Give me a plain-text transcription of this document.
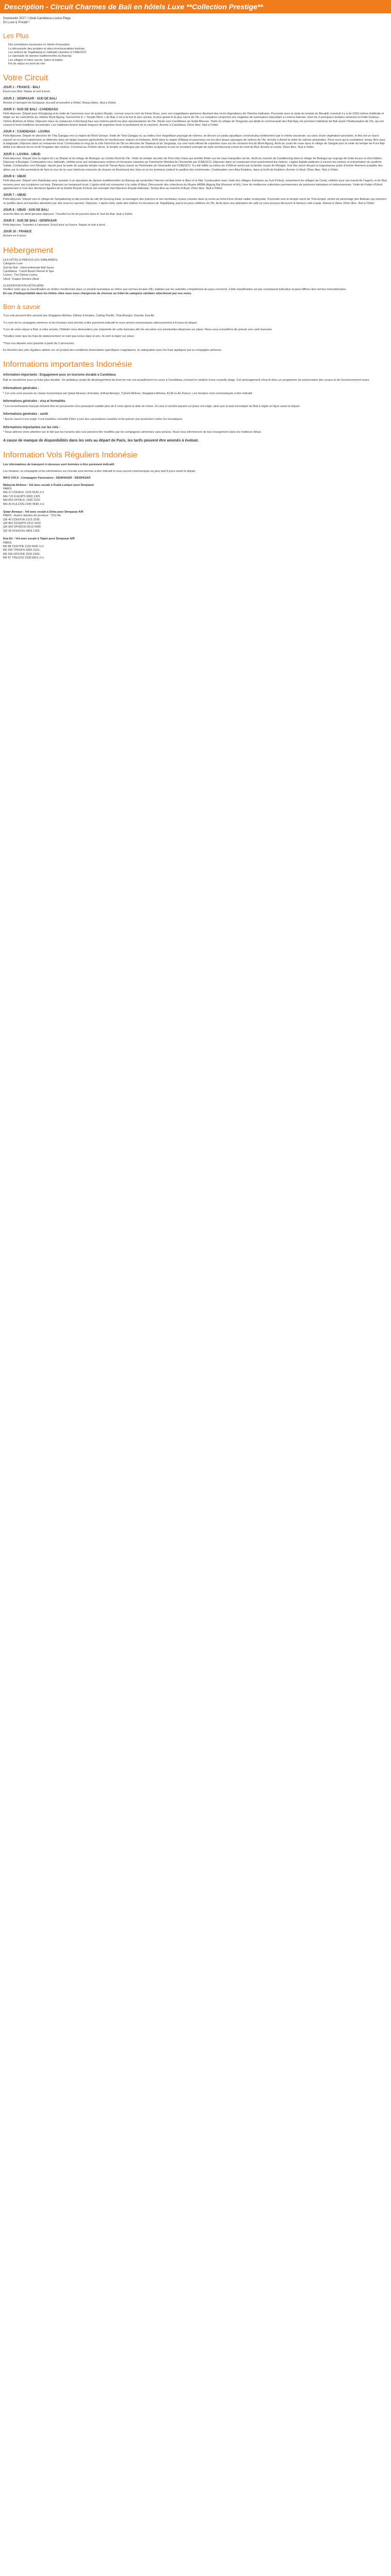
Description - Circuit Charmes de Bali en hôtels Luxe **Collection Prestige**
Nouveauté 2027 ! Ubud-Candidasa-Lovina-Plage
En Luxe & Privatif !
Les Plus
Des prestations luxueuses en hôtels d'exception
La découverte des temples et sites incontournables balinais
Les rizières de Tegallalang et Jatiluwih classées à l'UNESCO
Le spectacle de danses traditionnelles du Barong
Les villages et sites sacrés, bains et palais
Fin de séjour en bord de mer
Votre Circuit
JOUR 1 : FRANCE - BALI
Envol vers Bali. Repas et nuit à bord.
JOUR 2 : DENPASAR - SUD DE BALI
Arrivée à l'aéroport de Denpasar. Accueil et transfert à l'hôtel. Repas libres. Nuit à l'hôtel.
JOUR 3 : SUD DE BALI - CANDIDASA
Petit-déjeuner. Départ pour Klungkung et la visite de l'ancienne cour de justice Royale, connue sous le nom de Kerta Gosa, avec ses magnifiques peintures illustrant des récits légendaires de l'histoire balinaise. Poursuite avec la visite du temple de Besakih construit il y a de 1000 mètres d'altitude et édigé sur les contreforts du célèbre Mont Agung. Surnommé le « Temple Mère » de Bali, il est à la fois le plus ancien, le plus grand et la plus sacré de l'île. Le complexe comprend une vingtaine de sanctuaires répondant à cosmos balinais, dont les 3 principaux temples vénèrent la trinité hindoue : Vishnu Brahma et Shiva. Déjeuner dans un restaurant à Rendang face aux rizières parmi les plus spectaculaires de l'île. Route vers Candidasa via Selat-Muncan. Visite du village de Tenganan qui abrite la communauté des Bali Aga, les premiers habitants de Bali avant l'hindouisation de l'île, qui ont conservé leurs traditions ancestrales. Les habitants tissent depuis toujours de superbes tissé et produisent de la vannerie. Arrivée à Candidasa. Dîner libre. Nuit à l'hôtel.
JOUR 4 : CANDIDASA - LOVINA
Petit-déjeuner. Départ en direction de Tirta Gangga vers la région de Mont Seraya. Visite de Tirta Gangga où, au milieu d'un magnifique paysage de rizières, se dresse un palais aquatique construit plus tardivement par le même souverain; au cœur d'une végétation luxuriante, le lieu est un havre naturel où on peut notamment se détendre dans de larges bassins agrémentés de nombreuses statues et fontaines. Arrêt dans la région d'Abang et panorama sur les plus beaux paysages de rizières de l'île. Arrivée à Amed et visite de salines artisanales. Pose sous qui le souhaitent, temps libre pour la baignade. Déjeuner dans un restaurant local. Continuation le long de la côte Nord-Est de l'île en direction de Tejakula et de Singaraja, sur une route offrant de superbes vues sur les versants Est du Mont Agung. Arrêt en cours de route dans le village de Sangsit pour la visite du temple de Pura Beji dédié à la déesse du riz et de l'irrigation des rizières. Construit au XVème siècle, le temple se distingue par ses belles sculptures et est un excellent exemple du style architectural coloré du nord de Bali. Arrivée à Lovina. Dîner libre. Nuit à l'hôtel.
JOUR 5 : LOVINA - UBUD
Petit-déjeuner. Départ vers la région du Lac Bratan et du village de Bedugul, au Centre Nord de l'île. Visite du temple lacustre de Pura Ulun Danu qui semble flotter sur les eaux tranquilles du lac. Arrêt au marché de Candikuning dans le village de Bedugul qui regorge de fruits locaux et d'orchidées. Déjeuner à Bedugul. Continuation vers Jatiluwih, célèbre pour ses somptueuses rizières en terrasses classées au Patrimoine Mondial de l'Humanité par l'UNESCO. Déjeuner dans un restaurant local surplombant les rizières. Légère balade pédestre à travers les rizières et présentation du système Subak. Continuation vers Mengwi, réputé pour la visite du superbe temple royal de Taman Ayun classé au Patrimoine de l'Humanité par l'UNESCO. Il a été édifié au milieu du XVIIème siècle par la famille royale de Mengwi. Une fois arrivé devant la majestueuse porte d'entrée finement sculptée des allées sur le côté permettent de faire le tour de la cour intérieure entourée de douves où fleurissent des lotus et où les premiers visitent le pavillon des cérémonies. Continuation vers Alas Kedaton, dans la forêt de Kedaton. Arrivée à Ubud. Dîner libre. Nuit à l'hôtel.
JOUR 6 : UBUD
Petit-déjeuner. Départ vers Batubulan pour assister à un spectacle de danses traditionnelles du Barong qui symbolise l'éternel combat entre le Bien et le Mal. Continuation avec visite des villages d'artisans au Sud d'Ubud, notamment les villages de Celuk, célèbre pour son travail de l'argent, et de Mas, reconnu pour ses sculptures sur bois. Déjeuner au restaurant local. L'après-midi est consacrée à la visite d'Ubud. Découverte des collections du Musée ARMA (Agung Rai Museum of Art), l'une de meilleures collections permanentes de peintures balinaises et indonésiennes. Visite du Palais d'Ubud appartenant à l'une des dernières lignées de la famille Royale d'Ubud, bel exemple d'architecture Royale balinaise. Temps libre au marché d'Ubud. Dîner libre. Nuit à l'hôtel.
JOUR 7 : UBUD
Petit-déjeuner. Départ vers le village de Tampaksiring et découverte du site de Gunung Kawi, la montagne des poèmes et ses tombeaux royaux creusés dans la roche au fond d'une étroite vallée verdoyante. Poursuite vers le temple sacré de Tirta Empul, centre de pèlerinage des Balinais qui viennent se purifier dans ses bassins alimentés par des sources sacrées. Déjeuner. L'après-midi, visite des rizières en terrasses de Tegallalang, parmi les plus célèbres de l'île. Arrêt dans une plantation de café où vous pourrez découvrir le fameux café Luwak. Retour à Ubud. Dîner libre. Nuit à l'hôtel.
JOUR 8 : UBUD - SUD DE BALI
Journée libre en demi-pension déjeuner. Transfert en fin de journée dans le Sud de Bali. Nuit à l'hôtel.
JOUR 9 : SUD DE BALI - DENPASAR
Petit-déjeuner. Transfert à l'aéroport. Envol pour la France. Repas et nuit à bord.
JOUR 10 : FRANCE
Arrivée en France.
Hébergement
LES HÔTELS PRÉVUS (OU SIMILAIRES)
Catégorie Luxe
Sud de Bali : Intercontinental Bali Sanur
Candidasa : Candi Beach Resort & Spa
Lovina : The Damai Lovina
Ubud : Kappa Senses Ubud
CLASSIFICATION HÔTELIÈRE
Veuillez noter que la classification en étoiles mentionnée dans ce produit touristique se réfère aux normes locales (NL) établies par les autorités compétentes du pays concerné. Cette classification est par conséquent indicative et peut différer des normes internationales.
En cas d'indisponibilité dans les hôtels cités nous nous chargerons de réserver un hôtel de catégorie similaire sélectionné par nos soins.
Bon à savoir
*Les vols peuvent être assurés par Singapour Airlines, Etihad, Emirates, Cathay Pacific, Thai Airways, Garuda, Eva Air
*Le nom de la compagnie aérienne et les horaires sont donnés à titre purement indicatif et vous seront communiqués ultérieurement à 8 jours du départ
*Lors de votre séjour à Bali, à votre arrivée, l'hôtelier vous demandera une empreinte de carte bancaire afin de sécuriser vos éventuelles dépenses sur place. Nous vous conseillons de prévoir une carte bancaire.
*Veuillez noter que les frais de stationnement ne sont pas inclus dans le prix, ils sont à régler sur place.
*Tous nos départs sont garantis à partir de 2 personnes.
En fonction des vols réguliers utilisés sur ce produit des conditions d'annulation spécifiques s'appliquent, en adéquation avec les frais appliqués par la compagnie aérienne.
Informations importantes Indonésie
Information importante : Engagement pour un tourisme durable à Candidasa
Bali se transforme pour un futur plus durable. Un ambitieux projet de développement du front de mer est actuellement en cours à Candidasa, incluant la création d'une nouvelle plage. Cet aménagement s'inscrit dans un programme de préservation des coraux et de l'environnement marin.
Informations générales :
* Les vols sont assurés en classe économique par Qatar Airways, Emirates, Etihad Airways, Turkish Airlines, Singapore Airlines, KLM ou Air France. Les horaires sont communiqués à titre indicatif.
Informations générales : visa et formalités
* Les ressortissants français doivent être en possession d'un passeport valable plus de 6 mois après la date de retour. Un visa à l'arrivée payant sur place est exigé, ainsi que la taxe touristique de Bali à régler en ligne avant le départ.
Informations générales : santé
* Aucun vaccin n'est exigé. Il est toutefois conseillé d'être à jour des vaccinations usuelles et de prévoir une protection contre les moustiques.
Informations importantes sur les vols :
* Nous attirons votre attention sur le fait que les horaires des vols peuvent être modifiés par les compagnies aériennes sans préavis. Nous vous informerons de tout changement dans les meilleurs délais.
A cause de manque de disponibilités dans les vols au départ de Paris, les tarifs peuvent être amenés à évoluer.
Information Vols Réguliers Indonésie
Les informations de transport ci-dessous sont données à titre purement indicatif.
Les horaires, la compagnie et les informations sur l'escale sont donnés à titre indicatif et vous seront communiqués au plus tard 8 jours avant le départ.
INFO VOLS - Compagnie Partenaires : DENPASAR - DENPASAR
Malaysia Airlines : Vol avec escale à Kuala Lumpur pour Denpasar
PARIS
MH 21 CDGKUL 1125 0630 J+1
MH 715 KULDPS 0900 1305
MH 852 DPSKUL 1920 2220
MH 20 KULCDG 2345 0640 J+1
Qatar Airways : Vol avec escale à Doha pour Denpasar A/R
PARIS - Autres départs de province : TGV Air
QR 40 CDGDOH 1515 2335
QR 962 DOHDPS 0210 1630
QR 963 DPSDOH 0010 0455
QR 39 DOHCDG 0805 1355
Eva Air : Vol avec escale à Taipei pour Denpasar A/R
PARIS
BR 88 CDGTPE 1120 0645 J+1
BR 255 TPEDPS 0955 1515
BR 256 DPSTPE 1630 2200
BR 87 TPECDG 2330 0815 J+1
